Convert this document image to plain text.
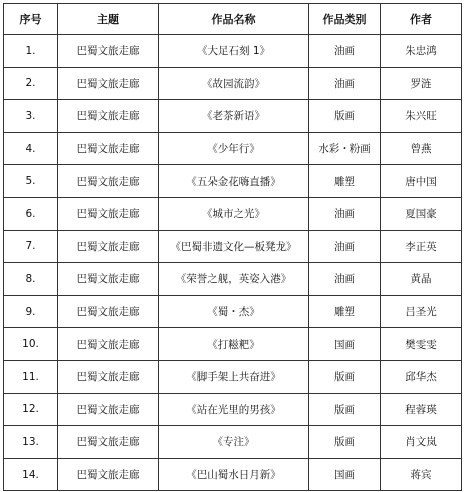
序号	主题	作品名称	作品类别	作者
1.	巴蜀文旅走廊	《大足石刻 1》	油画	朱忠鸿
2.	巴蜀文旅走廊	《故园流韵》	油画	罗涟
3.	巴蜀文旅走廊	《老茶新语》	版画	朱兴旺
4.	巴蜀文旅走廊	《少年行》	水彩・粉画	曾燕
5.	巴蜀文旅走廊	《五朵金花嗨直播》	雕塑	唐中国
6.	巴蜀文旅走廊	《城市之光》	油画	夏国豪
7.	巴蜀文旅走廊	《巴蜀非遗文化—板凳龙》	油画	李正英
8.	巴蜀文旅走廊	《荣誉之舰，英姿入港》	油画	黄晶
9.	巴蜀文旅走廊	《蜀・杰》	雕塑	吕圣光
10.	巴蜀文旅走廊	《打糍粑》	国画	樊雯雯
11.	巴蜀文旅走廊	《脚手架上共奋进》	版画	邱华杰
12.	巴蜀文旅走廊	《站在光里的男孩》	版画	程蓉瑛
13.	巴蜀文旅走廊	《专注》	版画	肖文岚
14.	巴蜀文旅走廊	《巴山蜀水日月新》	国画	蒋宾
